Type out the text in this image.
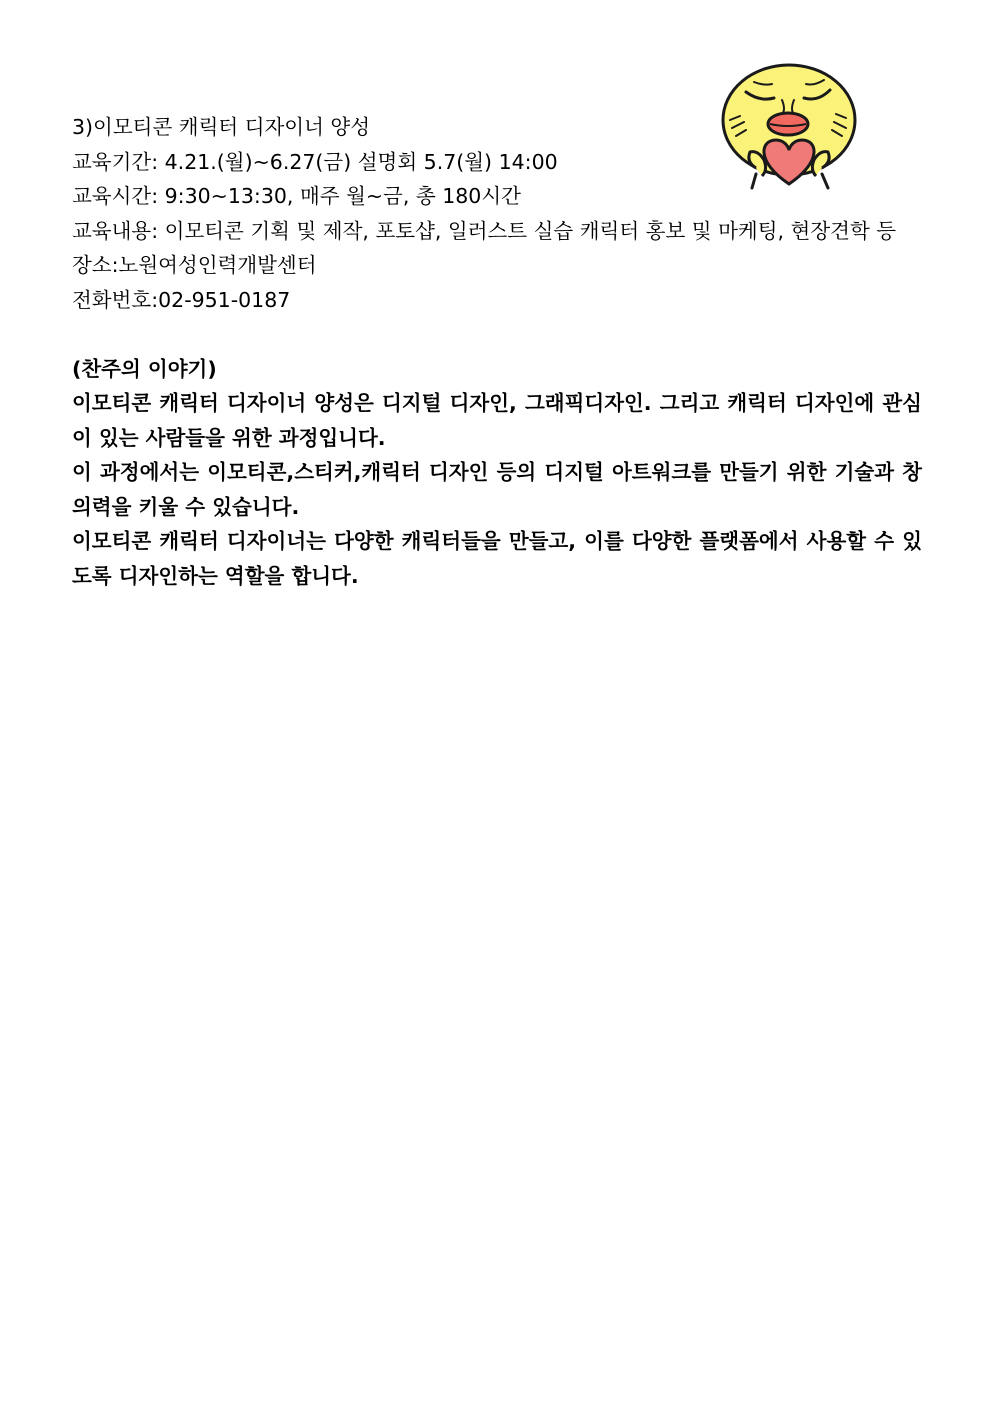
3)이모티콘 캐릭터 디자이너 양성
교육기간: 4.21.(월)~6.27(금) 설명회 5.7(월) 14:00
교육시간: 9:30~13:30, 매주 월~금, 총 180시간
교육내용: 이모티콘 기획 및 제작, 포토샵, 일러스트 실습 캐릭터 홍보 및 마케팅, 현장견학 등
장소:노원여성인력개발센터
전화번호:02-951-0187
(찬주의 이야기)
이모티콘 캐릭터 디자이너 양성은 디지털 디자인, 그래픽디자인. 그리고 캐릭터 디자인에 관심이 있는 사람들을 위한 과정입니다.
이 과정에서는 이모티콘,스티커,캐릭터 디자인 등의 디지털 아트워크를 만들기 위한 기술과 창의력을 키울 수 있습니다.
이모티콘 캐릭터 디자이너는 다양한 캐릭터들을 만들고, 이를 다양한 플랫폼에서 사용할 수 있도록 디자인하는 역할을 합니다.
